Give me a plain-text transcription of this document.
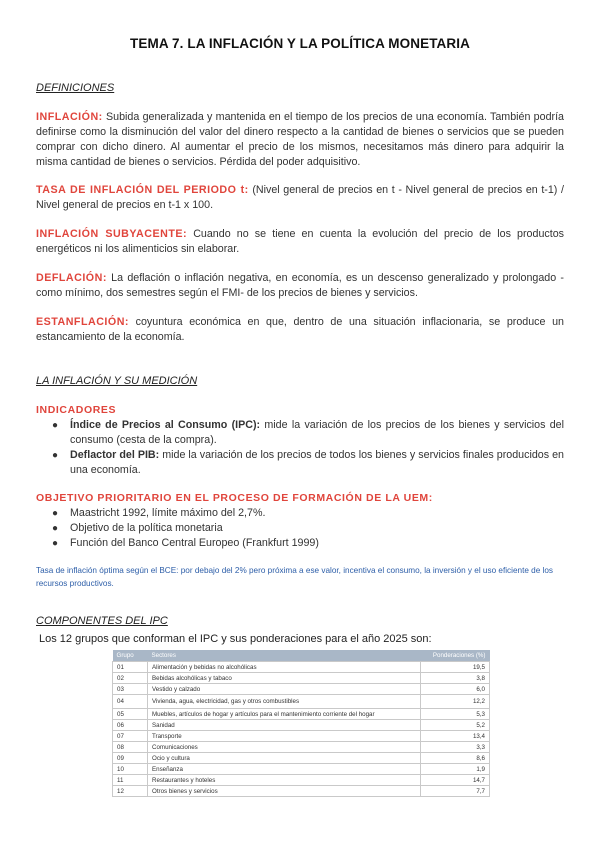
TEMA 7. LA INFLACIÓN Y LA POLÍTICA MONETARIA
DEFINICIONES
INFLACIÓN: Subida generalizada y mantenida en el tiempo de los precios de una economía. También podría definirse como la disminución del valor del dinero respecto a la cantidad de bienes o servicios que se pueden comprar con dicho dinero. Al aumentar el precio de los mismos, necesitamos más dinero para adquirir la misma cantidad de bienes o servicios. Pérdida del poder adquisitivo.
TASA DE INFLACIÓN DEL PERIODO t: (Nivel general de precios en t - Nivel general de precios en t-1) / Nivel general de precios en t-1 x 100.
INFLACIÓN SUBYACENTE: Cuando no se tiene en cuenta la evolución del precio de los productos energéticos ni los alimenticios sin elaborar.
DEFLACIÓN: La deflación o inflación negativa, en economía, es un descenso generalizado y prolongado -como mínimo, dos semestres según el FMI- de los precios de bienes y servicios.
ESTANFLACIÓN: coyuntura económica en que, dentro de una situación inflacionaria, se produce un estancamiento de la economía.
LA INFLACIÓN Y SU MEDICIÓN
INDICADORES
● Índice de Precios al Consumo (IPC): mide la variación de los precios de los bienes y servicios del consumo (cesta de la compra).
● Deflactor del PIB: mide la variación de los precios de todos los bienes y servicios finales producidos en una economía.
OBJETIVO PRIORITARIO EN EL PROCESO DE FORMACIÓN DE LA UEM:
● Maastricht 1992, límite máximo del 2,7%.
● Objetivo de la política monetaria
● Función del Banco Central Europeo (Frankfurt 1999)
Tasa de inflación óptima según el BCE: por debajo del 2% pero próxima a ese valor, incentiva el consumo, la inversión y el uso eficiente de los recursos productivos.
COMPONENTES DEL IPC
Los 12 grupos que conforman el IPC y sus ponderaciones para el año 2025 son:
Grupo	Sectores	Ponderaciones (%)
01	Alimentación y bebidas no alcohólicas	19,5
02	Bebidas alcohólicas y tabaco	3,8
03	Vestido y calzado	6,0
04	Vivienda, agua, electricidad, gas y otros combustibles	12,2
05	Muebles, artículos de hogar y artículos para el mantenimiento corriente del hogar	5,3
06	Sanidad	5,2
07	Transporte	13,4
08	Comunicaciones	3,3
09	Ocio y cultura	8,6
10	Enseñanza	1,9
11	Restaurantes y hoteles	14,7
12	Otros bienes y servicios	7,7
